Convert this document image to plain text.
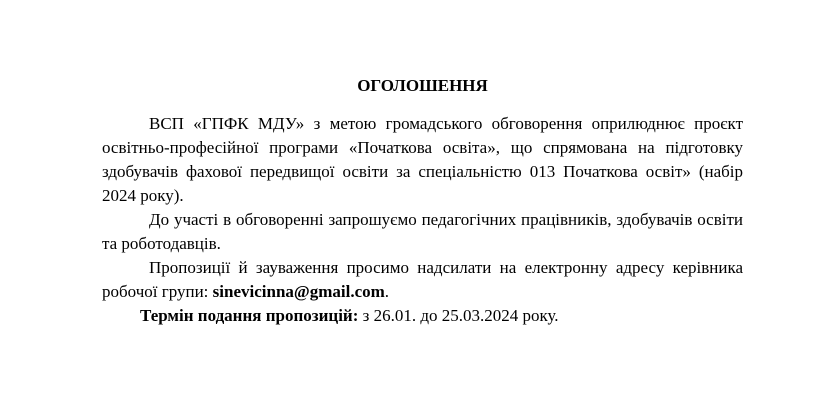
ОГОЛОШЕННЯ

ВСП «ГПФК МДУ» з метою громадського обговорення оприлюднює проєкт освітньо-професійної програми «Початкова освіта», що спрямована на підготовку здобувачів фахової передвищої освіти за спеціальністю 013 Початкова освіт» (набір 2024 року).

До участі в обговоренні запрошуємо педагогічних працівників, здобувачів освіти та роботодавців.

Пропозиції й зауваження просимо надсилати на електронну адресу керівника робочої групи: sinevicinna@gmail.com.

Термін подання пропозицій: з 26.01. до 25.03.2024 року.
